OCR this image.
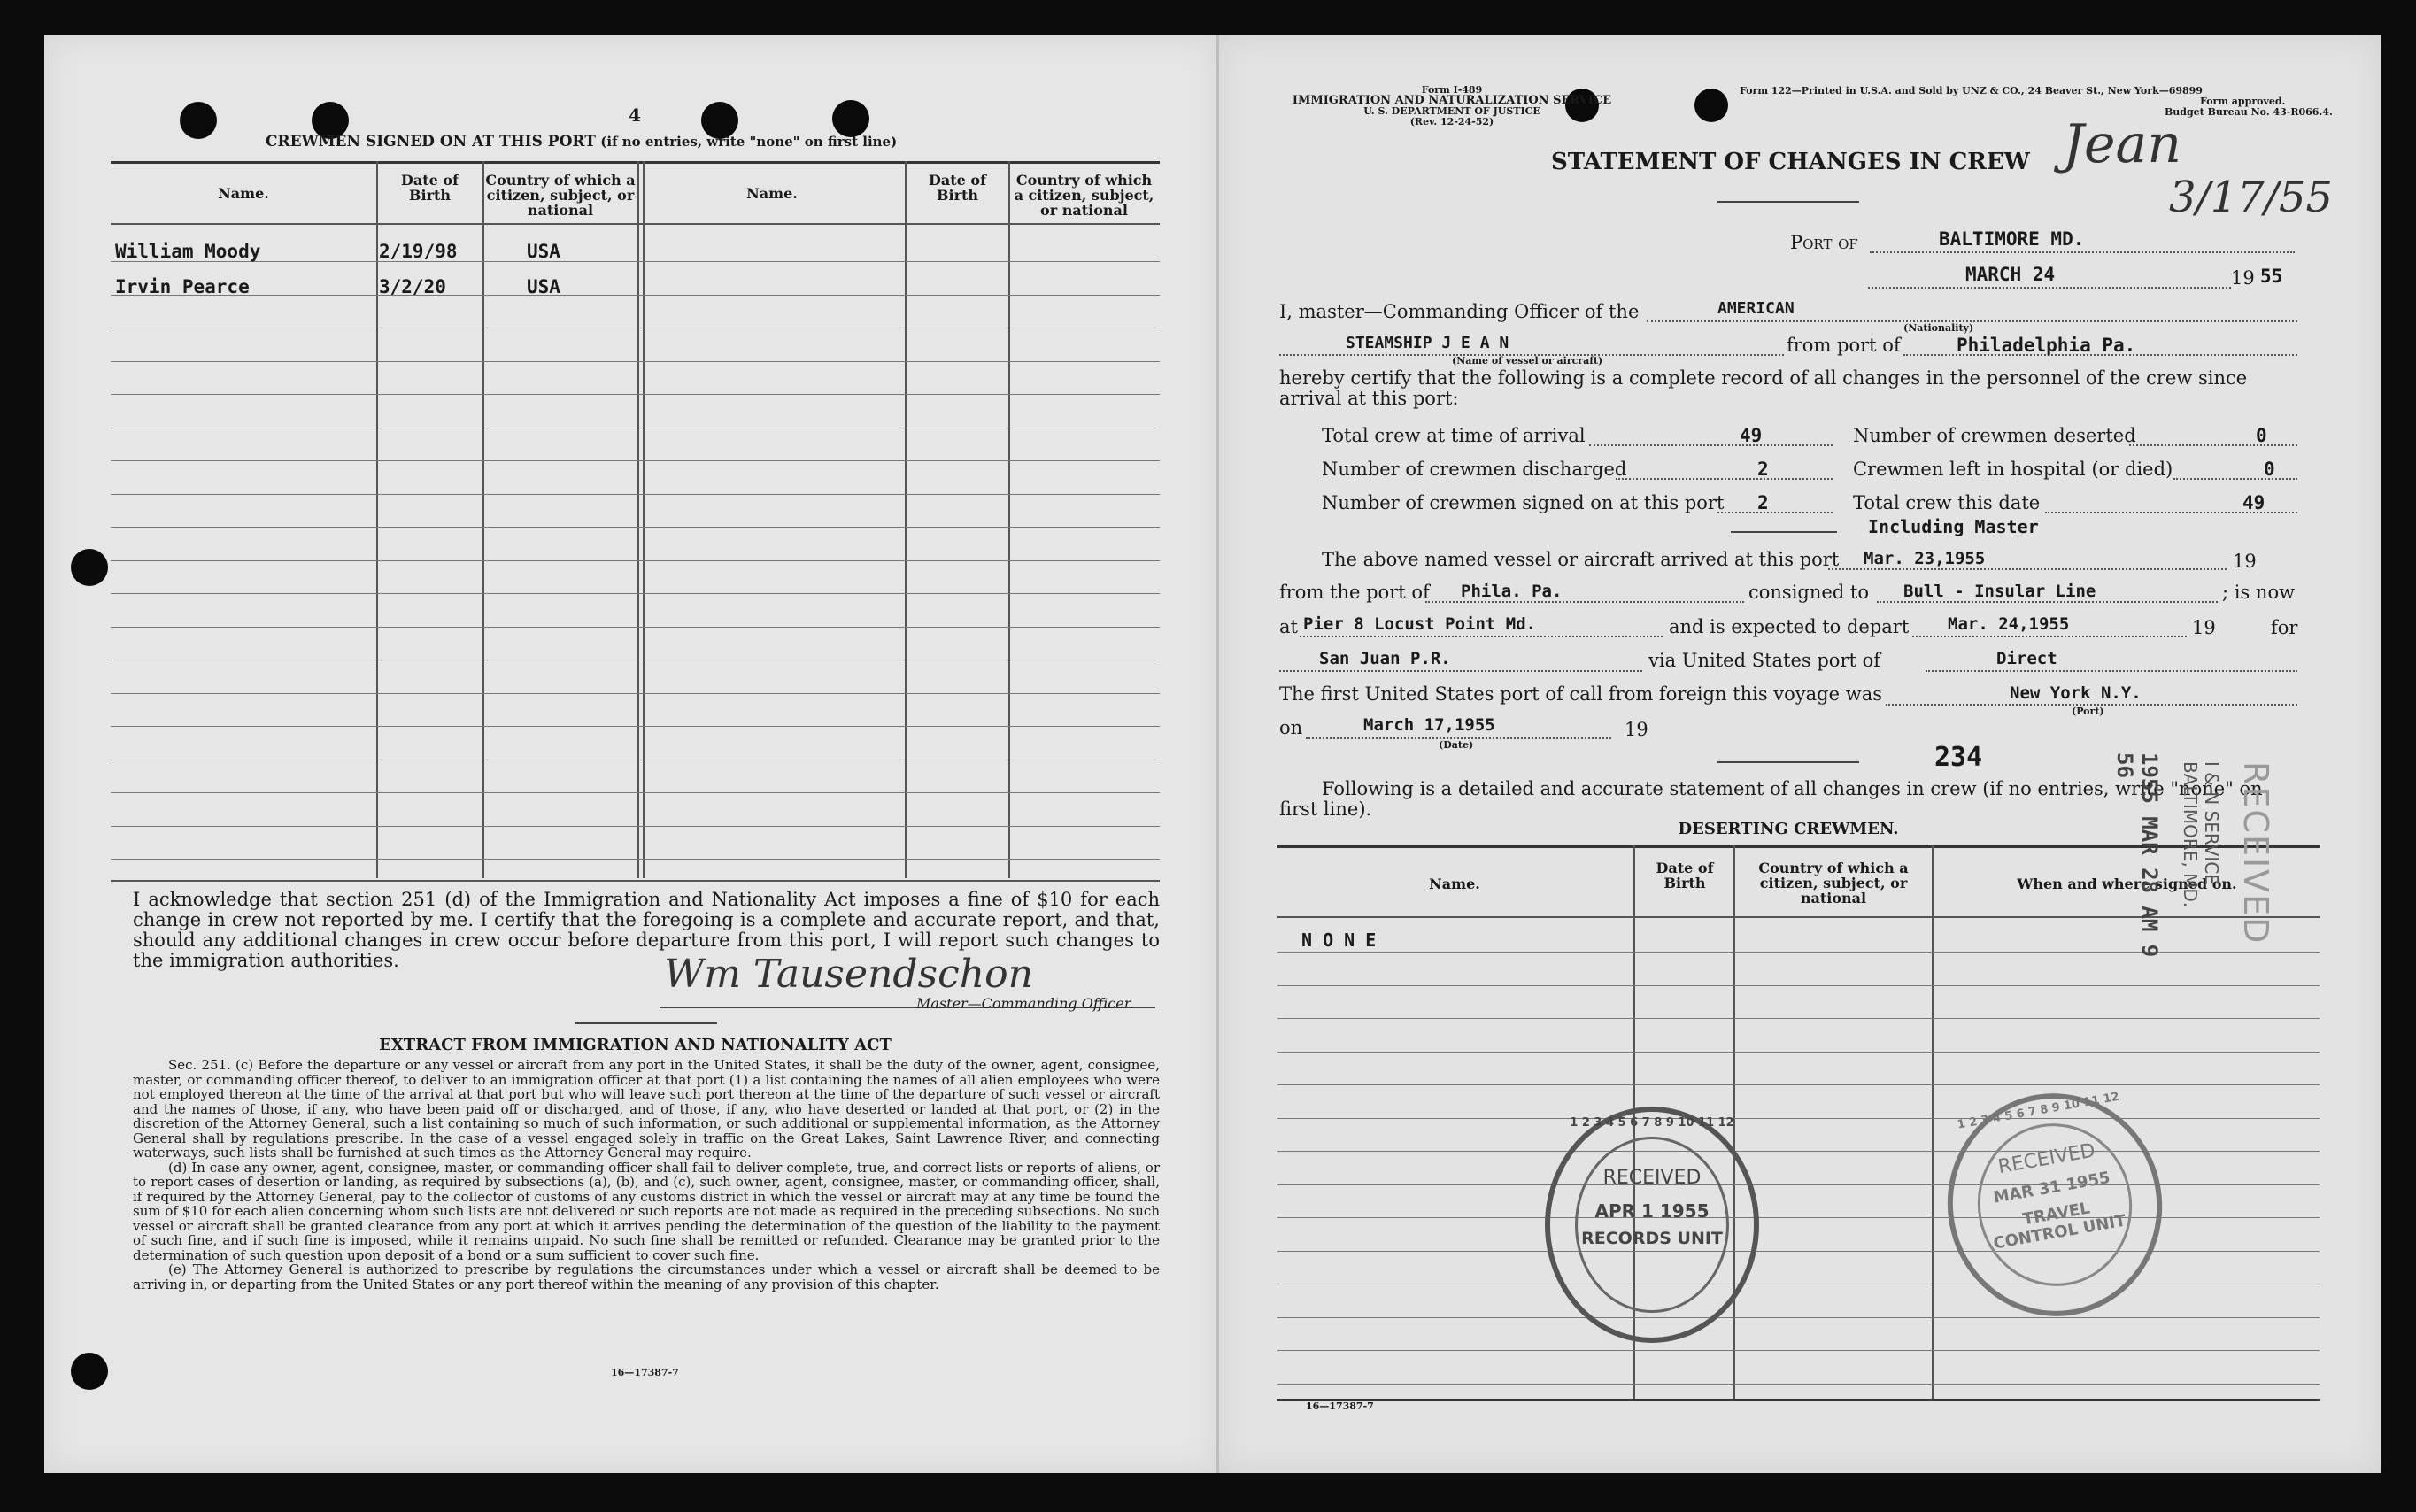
4
CREWMEN SIGNED ON AT THIS PORT (if no entries, write "none" on first line)
Name.
Date of Birth
Country of which a citizen, subject, or national
Name.
Date of Birth
Country of which a citizen, subject, or national
William Moody	2/19/98	USA
Irvin Pearce	3/2/20	USA
I acknowledge that section 251 (d) of the Immigration and Nationality Act imposes a fine of $10 for each change in crew not reported by me. I certify that the foregoing is a complete and accurate report, and that, should any additional changes in crew occur before departure from this port, I will report such changes to the immigration authorities.	Wm Tausendschon
Master—Commanding Officer.
EXTRACT FROM IMMIGRATION AND NATIONALITY ACT

Sec. 251. (c) Before the departure or any vessel or aircraft from any port in the United States, it shall be the duty of the owner, agent, consignee, master, or commanding officer thereof, to deliver to an immigration officer at that port (1) a list containing the names of all alien employees who were not employed thereon at the time of the arrival at that port but who will leave such port thereon at the time of the departure of such vessel or aircraft and the names of those, if any, who have been paid off or discharged, and of those, if any, who have deserted or landed at that port, or (2) in the discretion of the Attorney General, such a list containing so much of such information, or such additional or supplemental information, as the Attorney General shall by regulations prescribe. In the case of a vessel engaged solely in traffic on the Great Lakes, Saint Lawrence River, and connecting waterways, such lists shall be furnished at such times as the Attorney General may require.

(d) In case any owner, agent, consignee, master, or commanding officer shall fail to deliver complete, true, and correct lists or reports of aliens, or to report cases of desertion or landing, as required by subsections (a), (b), and (c), such owner, agent, consignee, master, or commanding officer, shall, if required by the Attorney General, pay to the collector of customs of any customs district in which the vessel or aircraft may at any time be found the sum of $10 for each alien concerning whom such lists are not delivered or such reports are not made as required in the preceding subsections. No such vessel or aircraft shall be granted clearance from any port at which it arrives pending the determination of the question of the liability to the payment of such fine, and if such fine is imposed, while it remains unpaid. No such fine shall be remitted or refunded. Clearance may be granted prior to the determination of such question upon deposit of a bond or a sum sufficient to cover such fine.

(e) The Attorney General is authorized to prescribe by regulations the circumstances under which a vessel or aircraft shall be deemed to be arriving in, or departing from the United States or any port thereof within the meaning of any provision of this chapter.

16—17387-7
Form I-489
IMMIGRATION AND NATURALIZATION SERVICE
U. S. DEPARTMENT OF JUSTICE
(Rev. 12-24-52)
Form 122—Printed in U.S.A. and Sold by UNZ & CO., 24 Beaver St., New York—69899
Form approved.
Budget Bureau No. 43-R066.4.
STATEMENT OF CHANGES IN CREW Jean
3/17/55
Port of	BALTIMORE MD.
MARCH 24	19 55
I, master—Commanding Officer of the	AMERICAN
(Nationality)
STEAMSHIP J E A N
(Name of vessel or aircraft)
from port of	Philadelphia Pa.
hereby certify that the following is a complete record of all changes in the personnel of the crew since arrival at this port:
Total crew at time of arrival	49
Number of crewmen discharged	2
Number of crewmen signed on at this port 2
Number of crewmen deserted	0
Crewmen left in hospital (or died)	0
Total crew this date	49
Including Master
The above named vessel or aircraft arrived at this port Mar. 23,1955	19
from the port of Phila. Pa.	consigned to Bull - Insular Line	; is now
at Pier 8 Locust Point Md.	and is expected to depart Mar. 24,1955	19	for
San Juan P.R.	via United States port of	Direct
The first United States port of call from foreign this voyage was	New York N.Y.
(Port)
on	March 17,1955	19
(Date)	234
Following is a detailed and accurate statement of all changes in crew (if no entries, write "none" on first line).
DESERTING CREWMEN.
Name.
Date of Birth
Country of which a citizen, subject, or national
When and where signed on.
N O N E
16—17387-7
1955 MAR 28 AM 9 56	I & N SERVICE BALTIMORE, MD.	RECEIVED
1 2 3 4 5 6 7 8 9 10 11 12
RECEIVED
APR 1 1955
RECORDS UNIT
1 2 3 4 5 6 7 8 9 10 11 12
RECEIVED
MAR 31 1955
TRAVEL CONTROL UNIT
